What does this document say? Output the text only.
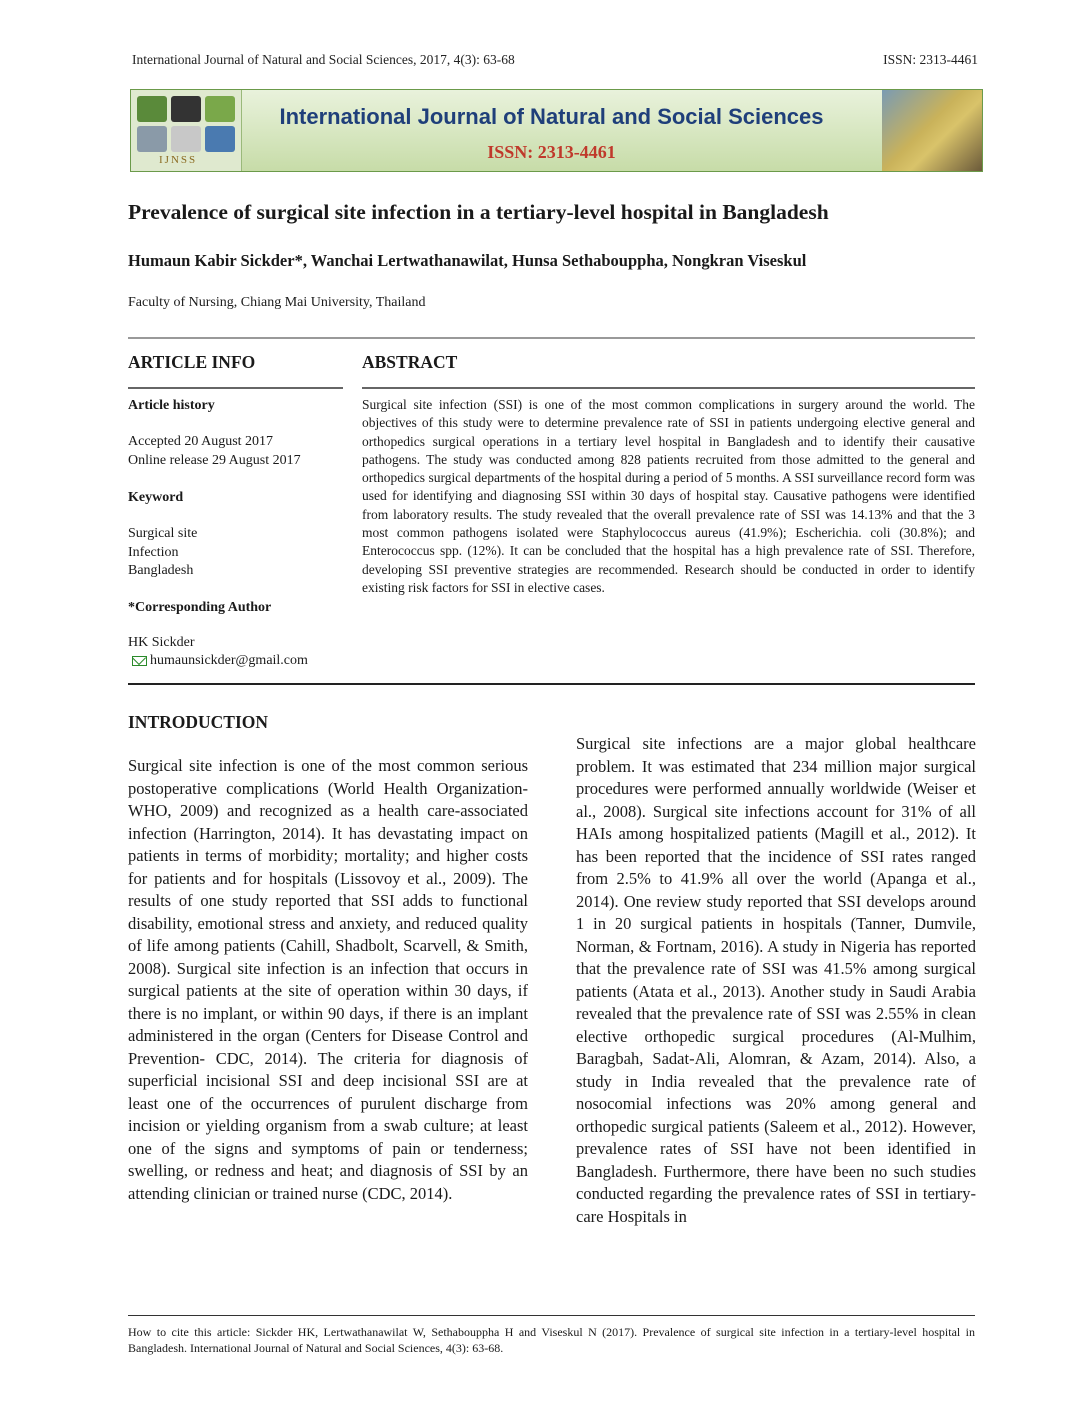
International Journal of Natural and Social Sciences, 2017, 4(3): 63-68	ISSN: 2313-4461
IJNSS
International Journal of Natural and Social Sciences
ISSN: 2313-4461
Prevalence of surgical site infection in a tertiary-level hospital in Bangladesh
Humaun Kabir Sickder*, Wanchai Lertwathanawilat, Hunsa Sethabouppha, Nongkran Viseskul
Faculty of Nursing, Chiang Mai University, Thailand
ARTICLE INFO	ABSTRACT
Article history
Accepted 20 August 2017
Online release 29 August 2017
Keyword
Surgical site
Infection
Bangladesh
*Corresponding Author
HK Sickder
humaunsickder@gmail.com
Surgical site infection (SSI) is one of the most common complications in surgery around the world. The objectives of this study were to determine prevalence rate of SSI in patients undergoing elective general and orthopedics surgical operations in a tertiary level hospital in Bangladesh and to identify their causative pathogens. The study was conducted among 828 patients recruited from those admitted to the general and orthopedics surgical departments of the hospital during a period of 5 months. A SSI surveillance record form was used for identifying and diagnosing SSI within 30 days of hospital stay. Causative pathogens were identified from laboratory results. The study revealed that the overall prevalence rate of SSI was 14.13% and that the 3 most common pathogens isolated were Staphylococcus aureus (41.9%); Escherichia. coli (30.8%); and Enterococcus spp. (12%). It can be concluded that the hospital has a high prevalence rate of SSI. Therefore, developing SSI preventive strategies are recommended. Research should be conducted in order to identify existing risk factors for SSI in elective cases.
INTRODUCTION
Surgical site infection is one of the most common serious postoperative complications (World Health Organization- WHO, 2009) and recognized as a health care-associated infection (Harrington, 2014). It has devastating impact on patients in terms of morbidity; mortality; and higher costs for patients and for hospitals (Lissovoy et al., 2009). The results of one study reported that SSI adds to functional disability, emotional stress and anxiety, and reduced quality of life among patients (Cahill, Shadbolt, Scarvell, & Smith, 2008). Surgical site infection is an infection that occurs in surgical patients at the site of operation within 30 days, if there is no implant, or within 90 days, if there is an implant administered in the organ (Centers for Disease Control and Prevention- CDC, 2014). The criteria for diagnosis of superficial incisional SSI and deep incisional SSI are at least one of the occurrences of purulent discharge from incision or yielding organism from a swab culture; at least one of the signs and symptoms of pain or tenderness; swelling, or redness and heat; and diagnosis of SSI by an attending clinician or trained nurse (CDC, 2014).
Surgical site infections are a major global healthcare problem. It was estimated that 234 million major surgical procedures were performed annually worldwide (Weiser et al., 2008). Surgical site infections account for 31% of all HAIs among hospitalized patients (Magill et al., 2012). It has been reported that the incidence of SSI rates ranged from 2.5% to 41.9% all over the world (Apanga et al., 2014). One review study reported that SSI develops around 1 in 20 surgical patients in hospitals (Tanner, Dumvile, Norman, & Fortnam, 2016). A study in Nigeria has reported that the prevalence rate of SSI was 41.5% among surgical patients (Atata et al., 2013). Another study in Saudi Arabia revealed that the prevalence rate of SSI was 2.55% in clean elective orthopedic surgical procedures (Al-Mulhim, Baragbah, Sadat-Ali, Alomran, & Azam, 2014). Also, a study in India revealed that the prevalence rate of nosocomial infections was 20% among general and orthopedic surgical patients (Saleem et al., 2012). However, prevalence rates of SSI have not been identified in Bangladesh. Furthermore, there have been no such studies conducted regarding the prevalence rates of SSI in tertiary-care Hospitals in
How to cite this article: Sickder HK, Lertwathanawilat W, Sethabouppha H and Viseskul N (2017). Prevalence of surgical site infection in a tertiary-level hospital in Bangladesh. International Journal of Natural and Social Sciences, 4(3): 63-68.
